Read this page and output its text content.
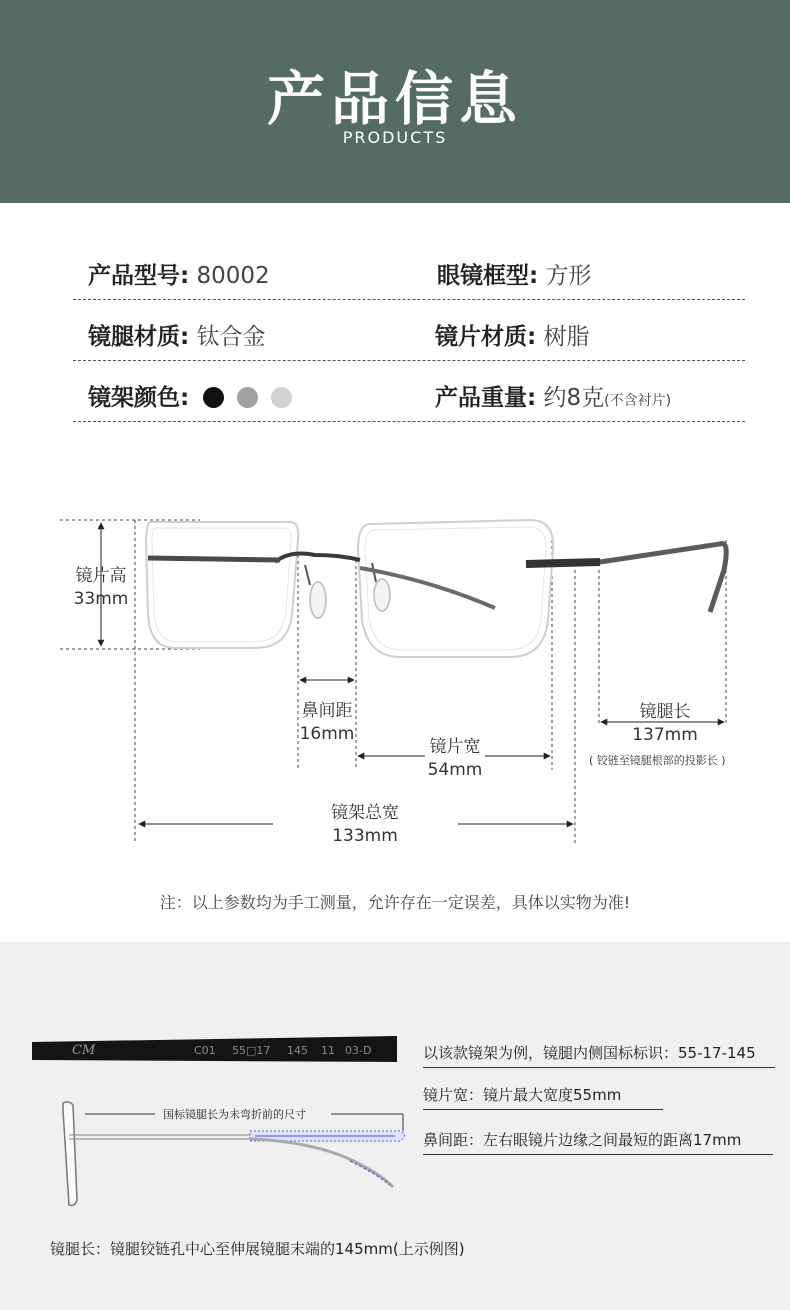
产品信息
PRODUCTS
产品型号: 80002	眼镜框型: 方形
镜腿材质: 钛合金	镜片材质: 树脂
镜架颜色:	产品重量: 约8克(不含衬片)
镜片高
33mm
鼻间距
16mm
镜片宽
54mm
镜腿长
137mm
( 铰链至镜腿根部的投影长 )
镜架总宽
133mm
注：以上参数均为手工测量，允许存在一定误差，具体以实物为准!
CM	C01 55□17 145 11 03-D
国标镜腿长为未弯折前的尺寸
以该款镜架为例，镜腿内侧国标标识：55-17-145
镜片宽：镜片最大宽度55mm
鼻间距：左右眼镜片边缘之间最短的距离17mm
镜腿长：镜腿铰链孔中心至伸展镜腿末端的145mm(上示例图)
